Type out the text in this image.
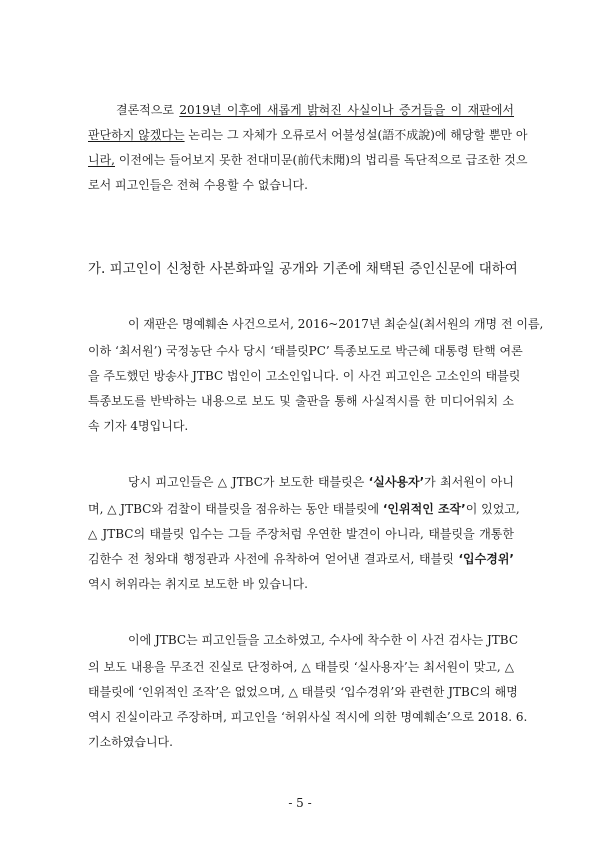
결론적으로 2019년 이후에 새롭게 밝혀진 사실이나 증거들을 이 재판에서
판단하지 않겠다는 논리는 그 자체가 오류로서 어불성설(語不成說)에 해당할 뿐만 아
니라, 이전에는 들어보지 못한 전대미문(前代未聞)의 법리를 독단적으로 급조한 것으
로서 피고인들은 전혀 수용할 수 없습니다.
가. 피고인이 신청한 사본화파일 공개와 기존에 채택된 증인신문에 대하여
이 재판은 명예훼손 사건으로서, 2016~2017년 최순실(최서원의 개명 전 이름,
이하 ‘최서원’) 국정농단 수사 당시 ‘태블릿PC’ 특종보도로 박근혜 대통령 탄핵 여론
을 주도했던 방송사 JTBC 법인이 고소인입니다. 이 사건 피고인은 고소인의 태블릿
특종보도를 반박하는 내용으로 보도 및 출판을 통해 사실적시를 한 미디어워치 소
속 기자 4명입니다.
당시 피고인들은 △ JTBC가 보도한 태블릿은 ‘실사용자’가 최서원이 아니
며, △ JTBC와 검찰이 태블릿을 점유하는 동안 태블릿에 ‘인위적인 조작’이 있었고,
△ JTBC의 태블릿 입수는 그들 주장처럼 우연한 발견이 아니라, 태블릿을 개통한
김한수 전 청와대 행정관과 사전에 유착하여 얻어낸 결과로서, 태블릿 ‘입수경위’
역시 허위라는 취지로 보도한 바 있습니다.
이에 JTBC는 피고인들을 고소하였고, 수사에 착수한 이 사건 검사는 JTBC
의 보도 내용을 무조건 진실로 단정하여, △ 태블릿 ‘실사용자’는 최서원이 맞고, △
태블릿에 ‘인위적인 조작’은 없었으며, △ 태블릿 ‘입수경위’와 관련한 JTBC의 해명
역시 진실이라고 주장하며, 피고인을 ‘허위사실 적시에 의한 명예훼손’으로 2018. 6.
기소하였습니다.
- 5 -
